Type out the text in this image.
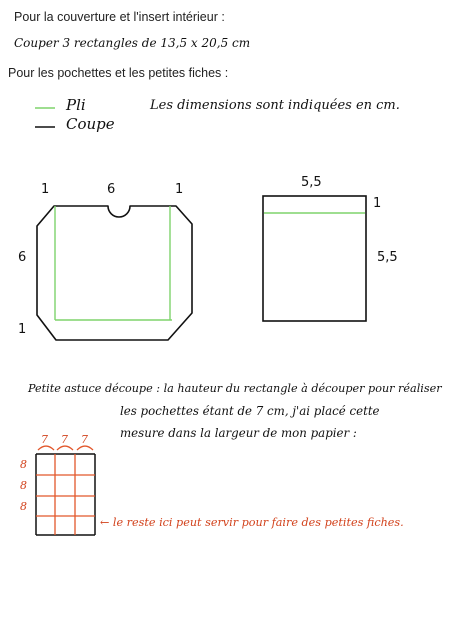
Pour la couverture et l'insert intérieur :
Couper 3 rectangles de 13,5 x 20,5 cm
Pour les pochettes et les petites fiches :
Pli
Coupe
Les dimensions sont indiquées en cm.
1	6	1
6
1
5,5
1
5,5
Petite astuce découpe : la hauteur du rectangle à découper pour réaliser
les pochettes étant de 7 cm, j'ai placé cette
mesure dans la largeur de mon papier :
7 7 7
8
8
8
← le reste ici peut servir pour faire des petites fiches.
